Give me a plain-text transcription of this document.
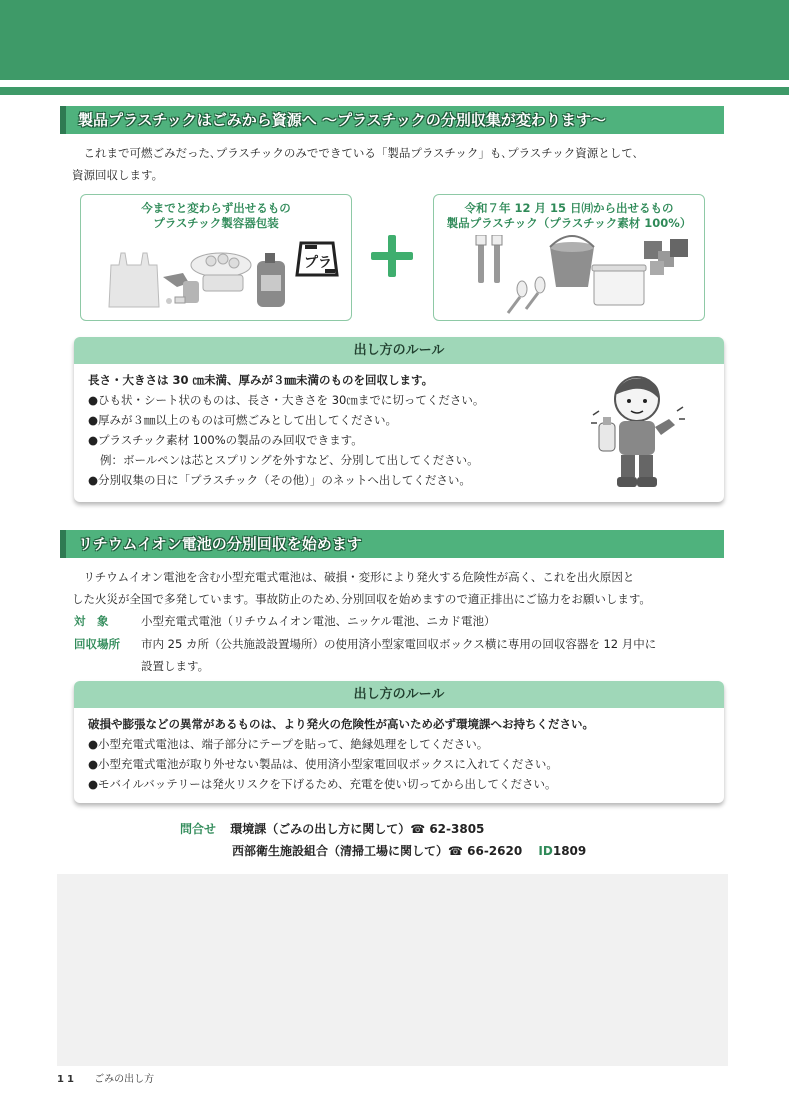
製品プラスチックはごみから資源へ ～プラスチックの分別収集が変わります～
これまで可燃ごみだった､プラスチックのみでできている「製品プラスチック」も､プラスチック資源として､
資源回収します。
今までと変わらず出せるもの
プラスチック製容器包装
プラ
令和７年 12 月 15 日㈪から出せるもの
製品プラスチック（プラスチック素材 100%）
出し方のルール
長さ・大きさは 30 ㎝未満、厚みが３㎜未満のものを回収します。
●ひも状・シート状のものは、長さ・大きさを 30㎝までに切ってください。
●厚みが３㎜以上のものは可燃ごみとして出してください。
●プラスチック素材 100%の製品のみ回収できます。
例：ボールペンは芯とスプリングを外すなど、分別して出してください。
●分別収集の日に「プラスチック（その他）」のネットへ出してください。
リチウムイオン電池の分別回収を始めます
リチウムイオン電池を含む小型充電式電池は、破損・変形により発火する危険性が高く、これを出火原因と
した火災が全国で多発しています。事故防止のため､分別回収を始めますので適正排出にご協力をお願いします。
対　象	小型充電式電池（リチウムイオン電池、ニッケル電池、ニカド電池）
回収場所 市内 25 カ所（公共施設設置場所）の使用済小型家電回収ボックス横に専用の回収容器を 12 月中に
設置します。
出し方のルール
破損や膨張などの異常があるものは、より発火の危険性が高いため必ず環境課へお持ちください。
●小型充電式電池は、端子部分にテープを貼って、絶縁処理をしてください。
●小型充電式電池が取り外せない製品は、使用済小型家電回収ボックスに入れてください。
●モバイルバッテリーは発火リスクを下げるため、充電を使い切ってから出してください。
問合せ 環境課（ごみの出し方に関して）☎ 62-3805
西部衛生施設組合（清掃工場に関して）☎ 66-2620 ID1809
11 ごみの出し方
